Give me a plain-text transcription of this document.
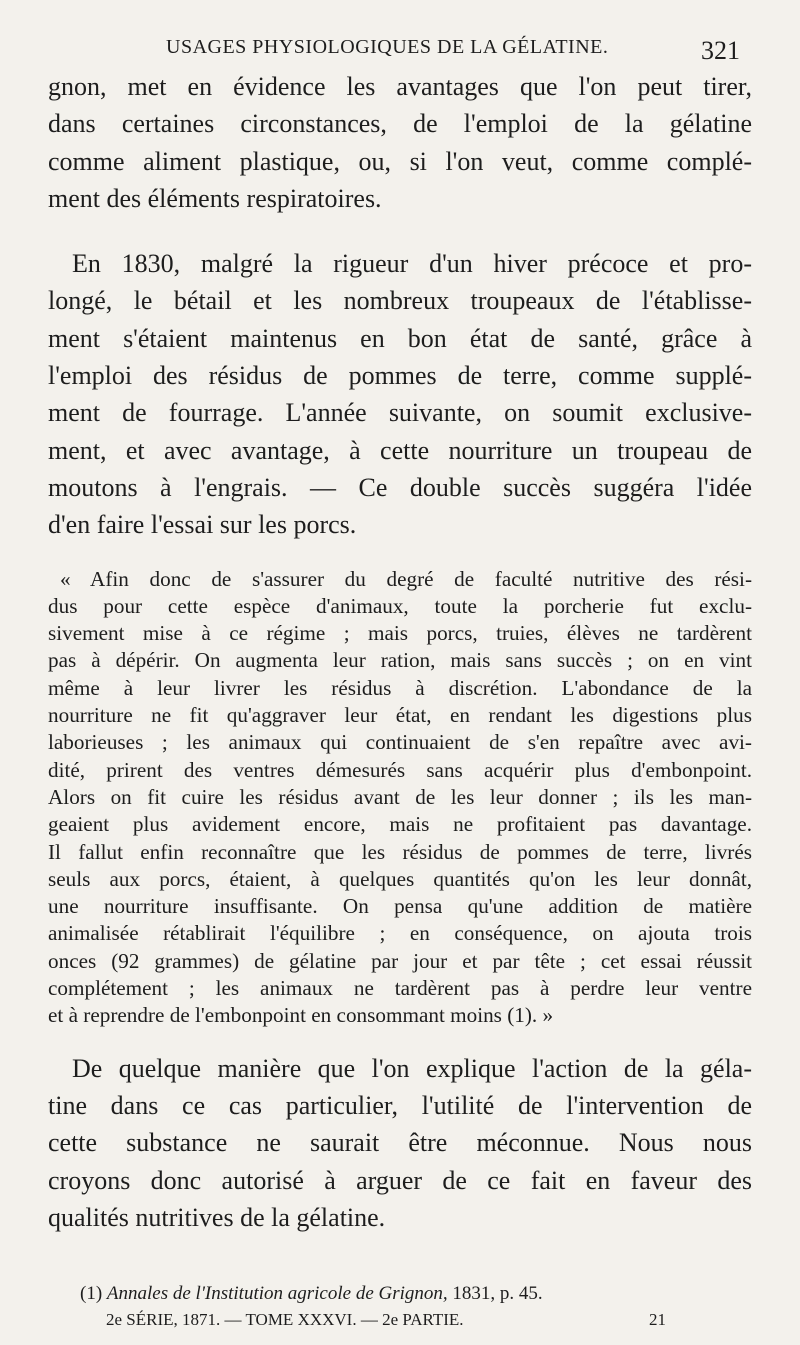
USAGES PHYSIOLOGIQUES DE LA GÉLATINE.	321

gnon, met en évidence les avantages que l'on peut tirer,
dans certaines circonstances, de l'emploi de la gélatine
comme aliment plastique, ou, si l'on veut, comme complé-
ment des éléments respiratoires.

En 1830, malgré la rigueur d'un hiver précoce et pro-
longé, le bétail et les nombreux troupeaux de l'établisse-
ment s'étaient maintenus en bon état de santé, grâce à
l'emploi des résidus de pommes de terre, comme supplé-
ment de fourrage. L'année suivante, on soumit exclusive-
ment, et avec avantage, à cette nourriture un troupeau de
moutons à l'engrais. — Ce double succès suggéra l'idée
d'en faire l'essai sur les porcs.

« Afin donc de s'assurer du degré de faculté nutritive des rési-
dus pour cette espèce d'animaux, toute la porcherie fut exclu-
sivement mise à ce régime ; mais porcs, truies, élèves ne tardèrent
pas à dépérir. On augmenta leur ration, mais sans succès ; on en vint
même à leur livrer les résidus à discrétion. L'abondance de la
nourriture ne fit qu'aggraver leur état, en rendant les digestions plus
laborieuses ; les animaux qui continuaient de s'en repaître avec avi-
dité, prirent des ventres démesurés sans acquérir plus d'embonpoint.
Alors on fit cuire les résidus avant de les leur donner ; ils les man-
geaient plus avidement encore, mais ne profitaient pas davantage.
Il fallut enfin reconnaître que les résidus de pommes de terre, livrés
seuls aux porcs, étaient, à quelques quantités qu'on les leur donnât,
une nourriture insuffisante. On pensa qu'une addition de matière
animalisée rétablirait l'équilibre ; en conséquence, on ajouta trois
onces (92 grammes) de gélatine par jour et par tête ; cet essai réussit
complétement ; les animaux ne tardèrent pas à perdre leur ventre
et à reprendre de l'embonpoint en consommant moins (1). »

De quelque manière que l'on explique l'action de la géla-
tine dans ce cas particulier, l'utilité de l'intervention de
cette substance ne saurait être méconnue. Nous nous
croyons donc autorisé à arguer de ce fait en faveur des
qualités nutritives de la gélatine.

(1) Annales de l'Institution agricole de Grignon, 1831, p. 45.
2e SÉRIE, 1871. — TOME XXXVI. — 2e PARTIE.	21
